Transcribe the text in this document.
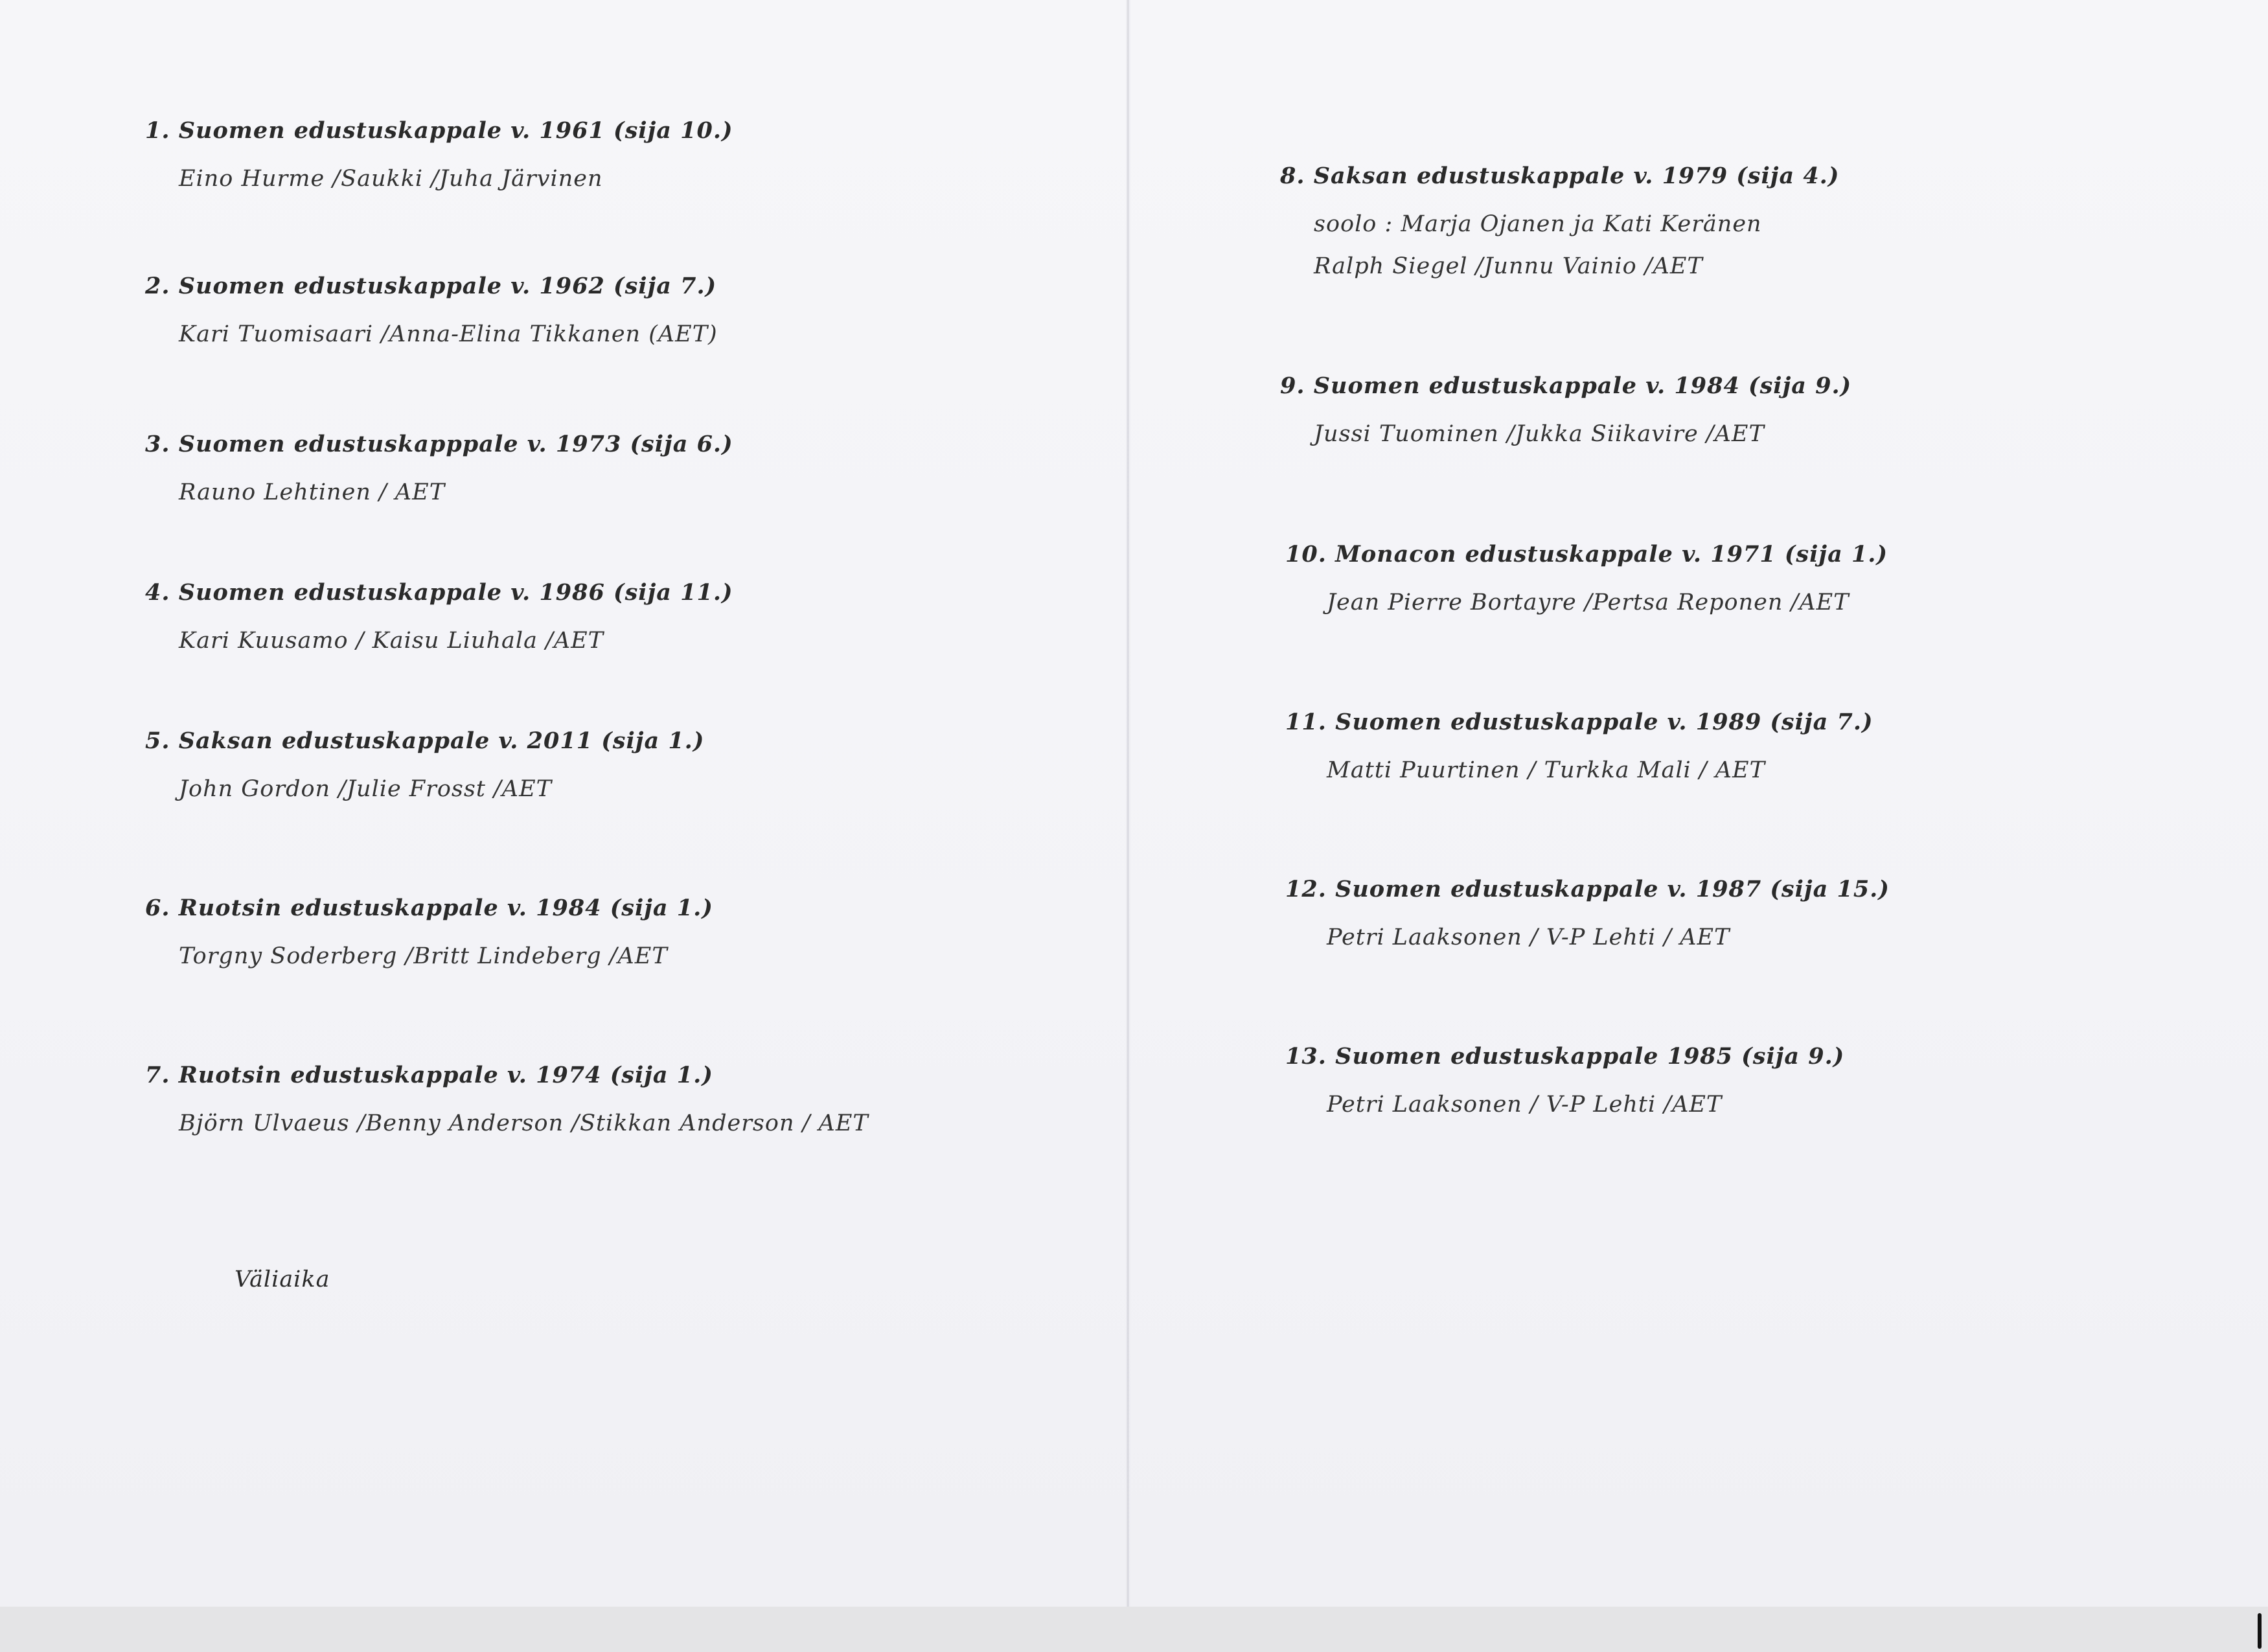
1. Suomen edustuskappale v. 1961 (sija 10.)
Eino Hurme /Saukki /Juha Järvinen
2. Suomen edustuskappale v. 1962 (sija 7.)
Kari Tuomisaari /Anna-Elina Tikkanen (AET)
3. Suomen edustuskapppale v. 1973 (sija 6.)
Rauno Lehtinen / AET
4. Suomen edustuskappale v. 1986 (sija 11.)
Kari Kuusamo / Kaisu Liuhala /AET
5. Saksan edustuskappale v. 2011 (sija 1.)
John Gordon /Julie Frosst /AET
6. Ruotsin edustuskappale v. 1984 (sija 1.)
Torgny Soderberg /Britt Lindeberg /AET
7. Ruotsin edustuskappale v. 1974 (sija 1.)
Björn Ulvaeus /Benny Anderson /Stikkan Anderson / AET
Väliaika
8. Saksan edustuskappale v. 1979 (sija 4.)
soolo : Marja Ojanen ja Kati Keränen
Ralph Siegel /Junnu Vainio /AET
9. Suomen edustuskappale v. 1984 (sija 9.)
Jussi Tuominen /Jukka Siikavire /AET
10. Monacon edustuskappale v. 1971 (sija 1.)
Jean Pierre Bortayre /Pertsa Reponen /AET
11. Suomen edustuskappale v. 1989 (sija 7.)
Matti Puurtinen / Turkka Mali / AET
12. Suomen edustuskappale v. 1987 (sija 15.)
Petri Laaksonen / V-P Lehti / AET
13. Suomen edustuskappale 1985 (sija 9.)
Petri Laaksonen / V-P Lehti /AET
